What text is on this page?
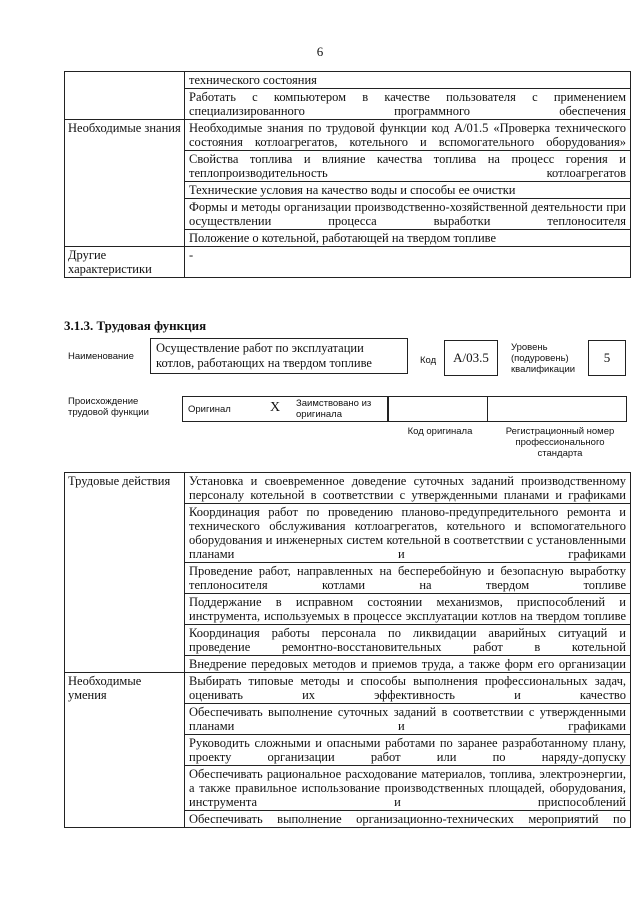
6
	технического состояния
	Работать с компьютером в качестве пользователя с применением специализированного программного обеспечения
Необходимые знания	Необходимые знания по трудовой функции код А/01.5 «Проверка технического состояния котлоагрегатов, котельного и вспомогательного оборудования»
	Свойства топлива и влияние качества топлива на процесс горения и теплопроизводительность котлоагрегатов
	Технические условия на качество воды и способы ее очистки
	Формы и методы организации производственно-хозяйственной деятельности при осуществлении процесса выработки теплоносителя
	Положение о котельной, работающей на твердом топливе
Другие характеристики	-
3.1.3. Трудовая функция
Наименование
Осуществление работ по эксплуатации котлов, работающих на твердом топливе	Код	А/03.5
Уровень (подуровень) квалификации
5
Происхождение трудовой функции	Оригинал	X Заимствовано из оригинала
Код оригинала	Регистрационный номер профессионального стандарта
Трудовые действия	Установка и своевременное доведение суточных заданий производственному персоналу котельной в соответствии с утвержденными планами и графиками
	Координация работ по проведению планово-предупредительного ремонта и технического обслуживания котлоагрегатов, котельного и вспомогательного оборудования и инженерных систем котельной в соответствии с установленными планами и графиками
	Проведение работ, направленных на бесперебойную и безопасную выработку теплоносителя котлами на твердом топливе
	Поддержание в исправном состоянии механизмов, приспособлений и инструмента, используемых в процессе эксплуатации котлов на твердом топливе
	Координация работы персонала по ликвидации аварийных ситуаций и проведение ремонтно-восстановительных работ в котельной
	Внедрение передовых методов и приемов труда, а также форм его организации
Необходимые умения	Выбирать типовые методы и способы выполнения профессиональных задач, оценивать их эффективность и качество
	Обеспечивать выполнение суточных заданий в соответствии с утвержденными планами и графиками
	Руководить сложными и опасными работами по заранее разработанному плану, проекту организации работ или по наряду-допуску
	Обеспечивать рациональное расходование материалов, топлива, электроэнергии, а также правильное использование производственных площадей, оборудования, инструмента и приспособлений
	Обеспечивать выполнение организационно-технических мероприятий по
